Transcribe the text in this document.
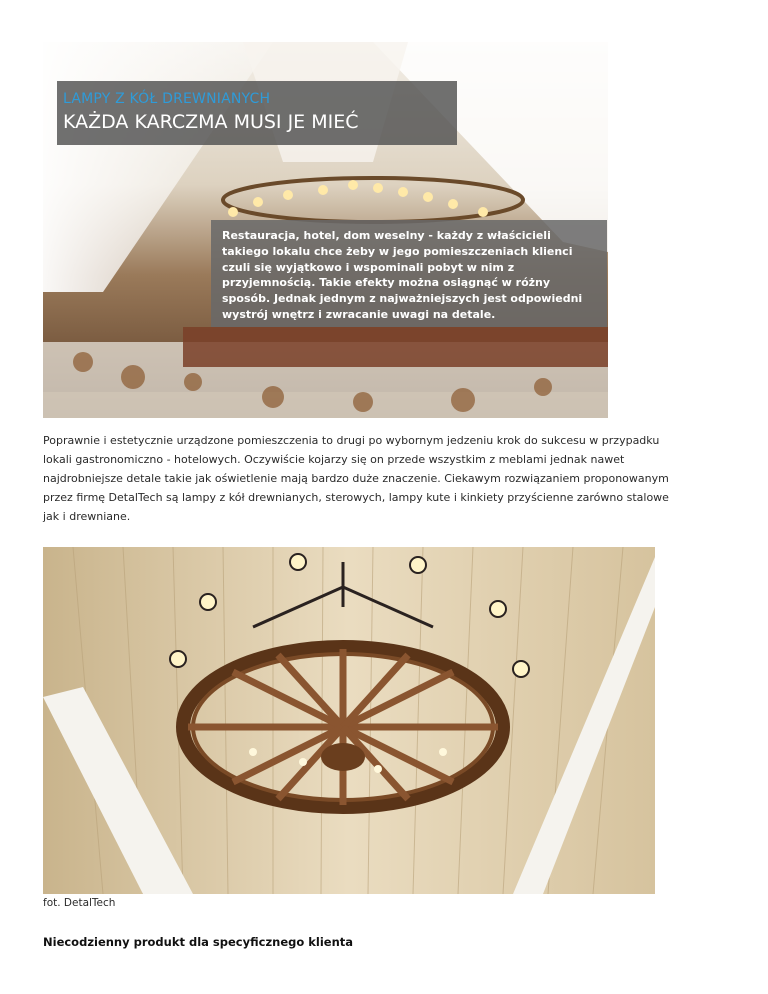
LAMPY Z KÓŁ DREWNIANYCH
KAŻDA KARCZMA MUSI JE MIEĆ

Restauracja, hotel, dom weselny - każdy z właścicieli takiego lokalu chce żeby w jego pomieszczeniach klienci czuli się wyjątkowo i wspominali pobyt w nim z przyjemnością. Takie efekty można osiągnąć w różny sposób. Jednak jednym z najważniejszych jest odpowiedni wystrój wnętrz i zwracanie uwagi na detale.

Poprawnie i estetycznie urządzone pomieszczenia to drugi po wybornym jedzeniu krok do sukcesu w przypadku lokali gastronomiczno - hotelowych. Oczywiście kojarzy się on przede wszystkim z meblami jednak nawet najdrobniejsze detale takie jak oświetlenie mają bardzo duże znaczenie. Ciekawym rozwiązaniem proponowanym przez firmę DetalTech są lampy z kół drewnianych, sterowych, lampy kute i kinkiety przyścienne zarówno stalowe jak i drewniane.

fot. DetalTech

Niecodzienny produkt dla specyficznego klienta
